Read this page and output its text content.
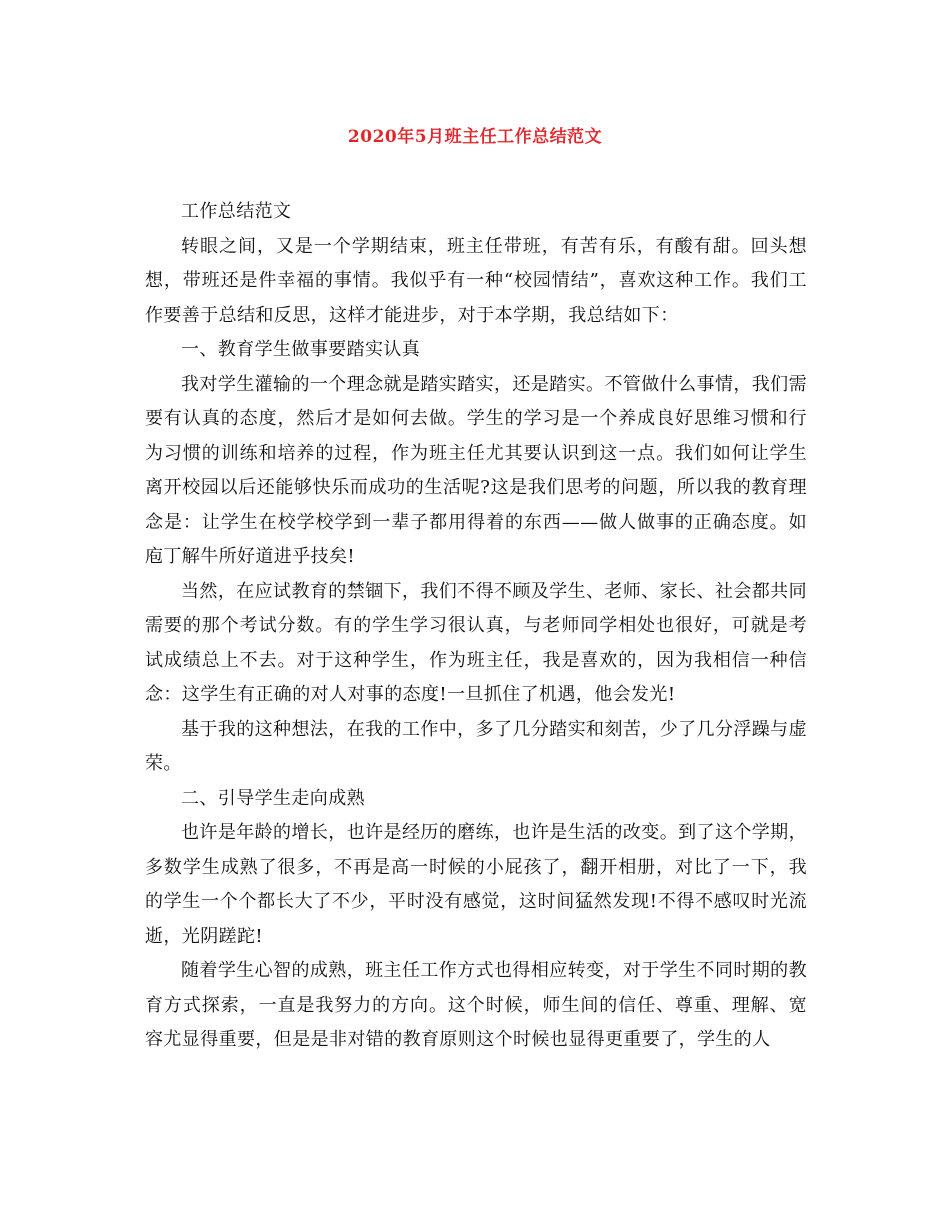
2020年5月班主任工作总结范文

工作总结范文

转眼之间，又是一个学期结束，班主任带班，有苦有乐，有酸有甜。回头想想，带班还是件幸福的事情。我似乎有一种“校园情结”，喜欢这种工作。我们工作要善于总结和反思，这样才能进步，对于本学期，我总结如下：

一、教育学生做事要踏实认真

我对学生灌输的一个理念就是踏实踏实，还是踏实。不管做什么事情，我们需要有认真的态度，然后才是如何去做。学生的学习是一个养成良好思维习惯和行为习惯的训练和培养的过程，作为班主任尤其要认识到这一点。我们如何让学生离开校园以后还能够快乐而成功的生活呢?这是我们思考的问题，所以我的教育理念是：让学生在校学校学到一辈子都用得着的东西——做人做事的正确态度。如庖丁解牛所好道进乎技矣!

当然，在应试教育的禁锢下，我们不得不顾及学生、老师、家长、社会都共同需要的那个考试分数。有的学生学习很认真，与老师同学相处也很好，可就是考试成绩总上不去。对于这种学生，作为班主任，我是喜欢的，因为我相信一种信念：这学生有正确的对人对事的态度!一旦抓住了机遇，他会发光!

基于我的这种想法，在我的工作中，多了几分踏实和刻苦，少了几分浮躁与虚荣。

二、引导学生走向成熟

也许是年龄的增长，也许是经历的磨练，也许是生活的改变。到了这个学期，多数学生成熟了很多，不再是高一时候的小屁孩了，翻开相册，对比了一下，我的学生一个个都长大了不少，平时没有感觉，这时间猛然发现!不得不感叹时光流逝，光阴蹉跎!

随着学生心智的成熟，班主任工作方式也得相应转变，对于学生不同时期的教育方式探索，一直是我努力的方向。这个时候，师生间的信任、尊重、理解、宽容尤显得重要，但是是非对错的教育原则这个时候也显得更重要了，学生的人
